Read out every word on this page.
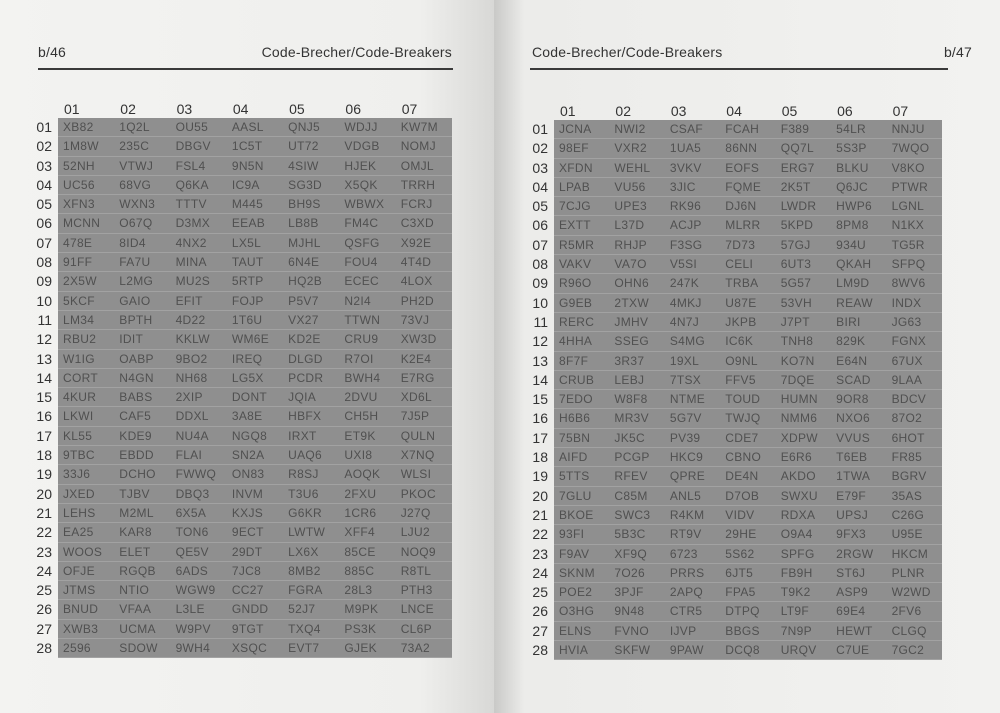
b/46	Code-Brecher/Code-Breakers
01	02	03	04	05	06	07
01 XB82	1Q2L	OU55	AASL	QNJ5	WDJJ	KW7M
02 1M8W	235C	DBGV	1C5T	UT72	VDGB	NOMJ
03 52NH	VTWJ	FSL4	9N5N	4SIW	HJEK	OMJL
04 UC56	68VG	Q6KA	IC9A	SG3D	X5QK	TRRH
05 XFN3	WXN3	TTTV	M445	BH9S	WBWX	FCRJ
06 MCNN	O67Q	D3MX	EEAB	LB8B	FM4C	C3XD
07 478E	8ID4	4NX2	LX5L	MJHL	QSFG	X92E
08 91FF	FA7U	MINA	TAUT	6N4E	FOU4	4T4D
09 2X5W	L2MG	MU2S	5RTP	HQ2B	ECEC	4LOX
10 5KCF	GAIO	EFIT	FOJP	P5V7	N2I4	PH2D
11 LM34	BPTH	4D22	1T6U	VX27	TTWN	73VJ
12 RBU2	IDIT	KKLW	WM6E	KD2E	CRU9	XW3D
13 W1IG	OABP	9BO2	IREQ	DLGD	R7OI	K2E4
14 CORT	N4GN	NH68	LG5X	PCDR	BWH4	E7RG
15 4KUR	BABS	2XIP	DONT	JQIA	2DVU	XD6L
16 LKWI	CAF5	DDXL	3A8E	HBFX	CH5H	7J5P
17 KL55	KDE9	NU4A	NGQ8	IRXT	ET9K	QULN
18 9TBC	EBDD	FLAI	SN2A	UAQ6	UXI8	X7NQ
19 33J6	DCHO	FWWQ	ON83	R8SJ	AOQK	WLSI
20 JXED	TJBV	DBQ3	INVM	T3U6	2FXU	PKOC
21 LEHS	M2ML	6X5A	KXJS	G6KR	1CR6	J27Q
22 EA25	KAR8	TON6	9ECT	LWTW	XFF4	LJU2
23 WOOS	ELET	QE5V	29DT	LX6X	85CE	NOQ9
24 OFJE	RGQB	6ADS	7JC8	8MB2	885C	R8TL
25 JTMS	NTIO	WGW9	CC27	FGRA	28L3	PTH3
26 BNUD	VFAA	L3LE	GNDD	52J7	M9PK	LNCE
27 XWB3	UCMA	W9PV	9TGT	TXQ4	PS3K	CL6P
28 2596	SDOW	9WH4	XSQC	EVT7	GJEK	73A2
Code-Brecher/Code-Breakers	b/47
01	02	03	04	05	06	07
01 JCNA	NWI2	CSAF	FCAH	F389	54LR	NNJU
02 98EF	VXR2	1UA5	86NN	QQ7L	5S3P	7WQO
03 XFDN	WEHL	3VKV	EOFS	ERG7	BLKU	V8KO
04 LPAB	VU56	3JIC	FQME	2K5T	Q6JC	PTWR
05 7CJG	UPE3	RK96	DJ6N	LWDR	HWP6	LGNL
06 EXTT	L37D	ACJP	MLRR	5KPD	8PM8	N1KX
07 R5MR	RHJP	F3SG	7D73	57GJ	934U	TG5R
08 VAKV	VA7O	V5SI	CELI	6UT3	QKAH	SFPQ
09 R96O	OHN6	247K	TRBA	5G57	LM9D	8WV6
10 G9EB	2TXW	4MKJ	U87E	53VH	REAW	INDX
11 RERC	JMHV	4N7J	JKPB	J7PT	BIRI	JG63
12 4HHA	SSEG	S4MG	IC6K	TNH8	829K	FGNX
13 8F7F	3R37	19XL	O9NL	KO7N	E64N	67UX
14 CRUB	LEBJ	7TSX	FFV5	7DQE	SCAD	9LAA
15 7EDO	W8F8	NTME	TOUD	HUMN	9OR8	BDCV
16 H6B6	MR3V	5G7V	TWJQ	NMM6	NXO6	87O2
17 75BN	JK5C	PV39	CDE7	XDPW	VVUS	6HOT
18 AIFD	PCGP	HKC9	CBNO	E6R6	T6EB	FR85
19 5TTS	RFEV	QPRE	DE4N	AKDO	1TWA	BGRV
20 7GLU	C85M	ANL5	D7OB	SWXU	E79F	35AS
21 BKOE	SWC3	R4KM	VIDV	RDXA	UPSJ	C26G
22 93FI	5B3C	RT9V	29HE	O9A4	9FX3	U95E
23 F9AV	XF9Q	6723	5S62	SPFG	2RGW	HKCM
24 SKNM	7O26	PRRS	6JT5	FB9H	ST6J	PLNR
25 POE2	3PJF	2APQ	FPA5	T9K2	ASP9	W2WD
26 O3HG	9N48	CTR5	DTPQ	LT9F	69E4	2FV6
27 ELNS	FVNO	IJVP	BBGS	7N9P	HEWT	CLGQ
28 HVIA	SKFW	9PAW	DCQ8	URQV	C7UE	7GC2
